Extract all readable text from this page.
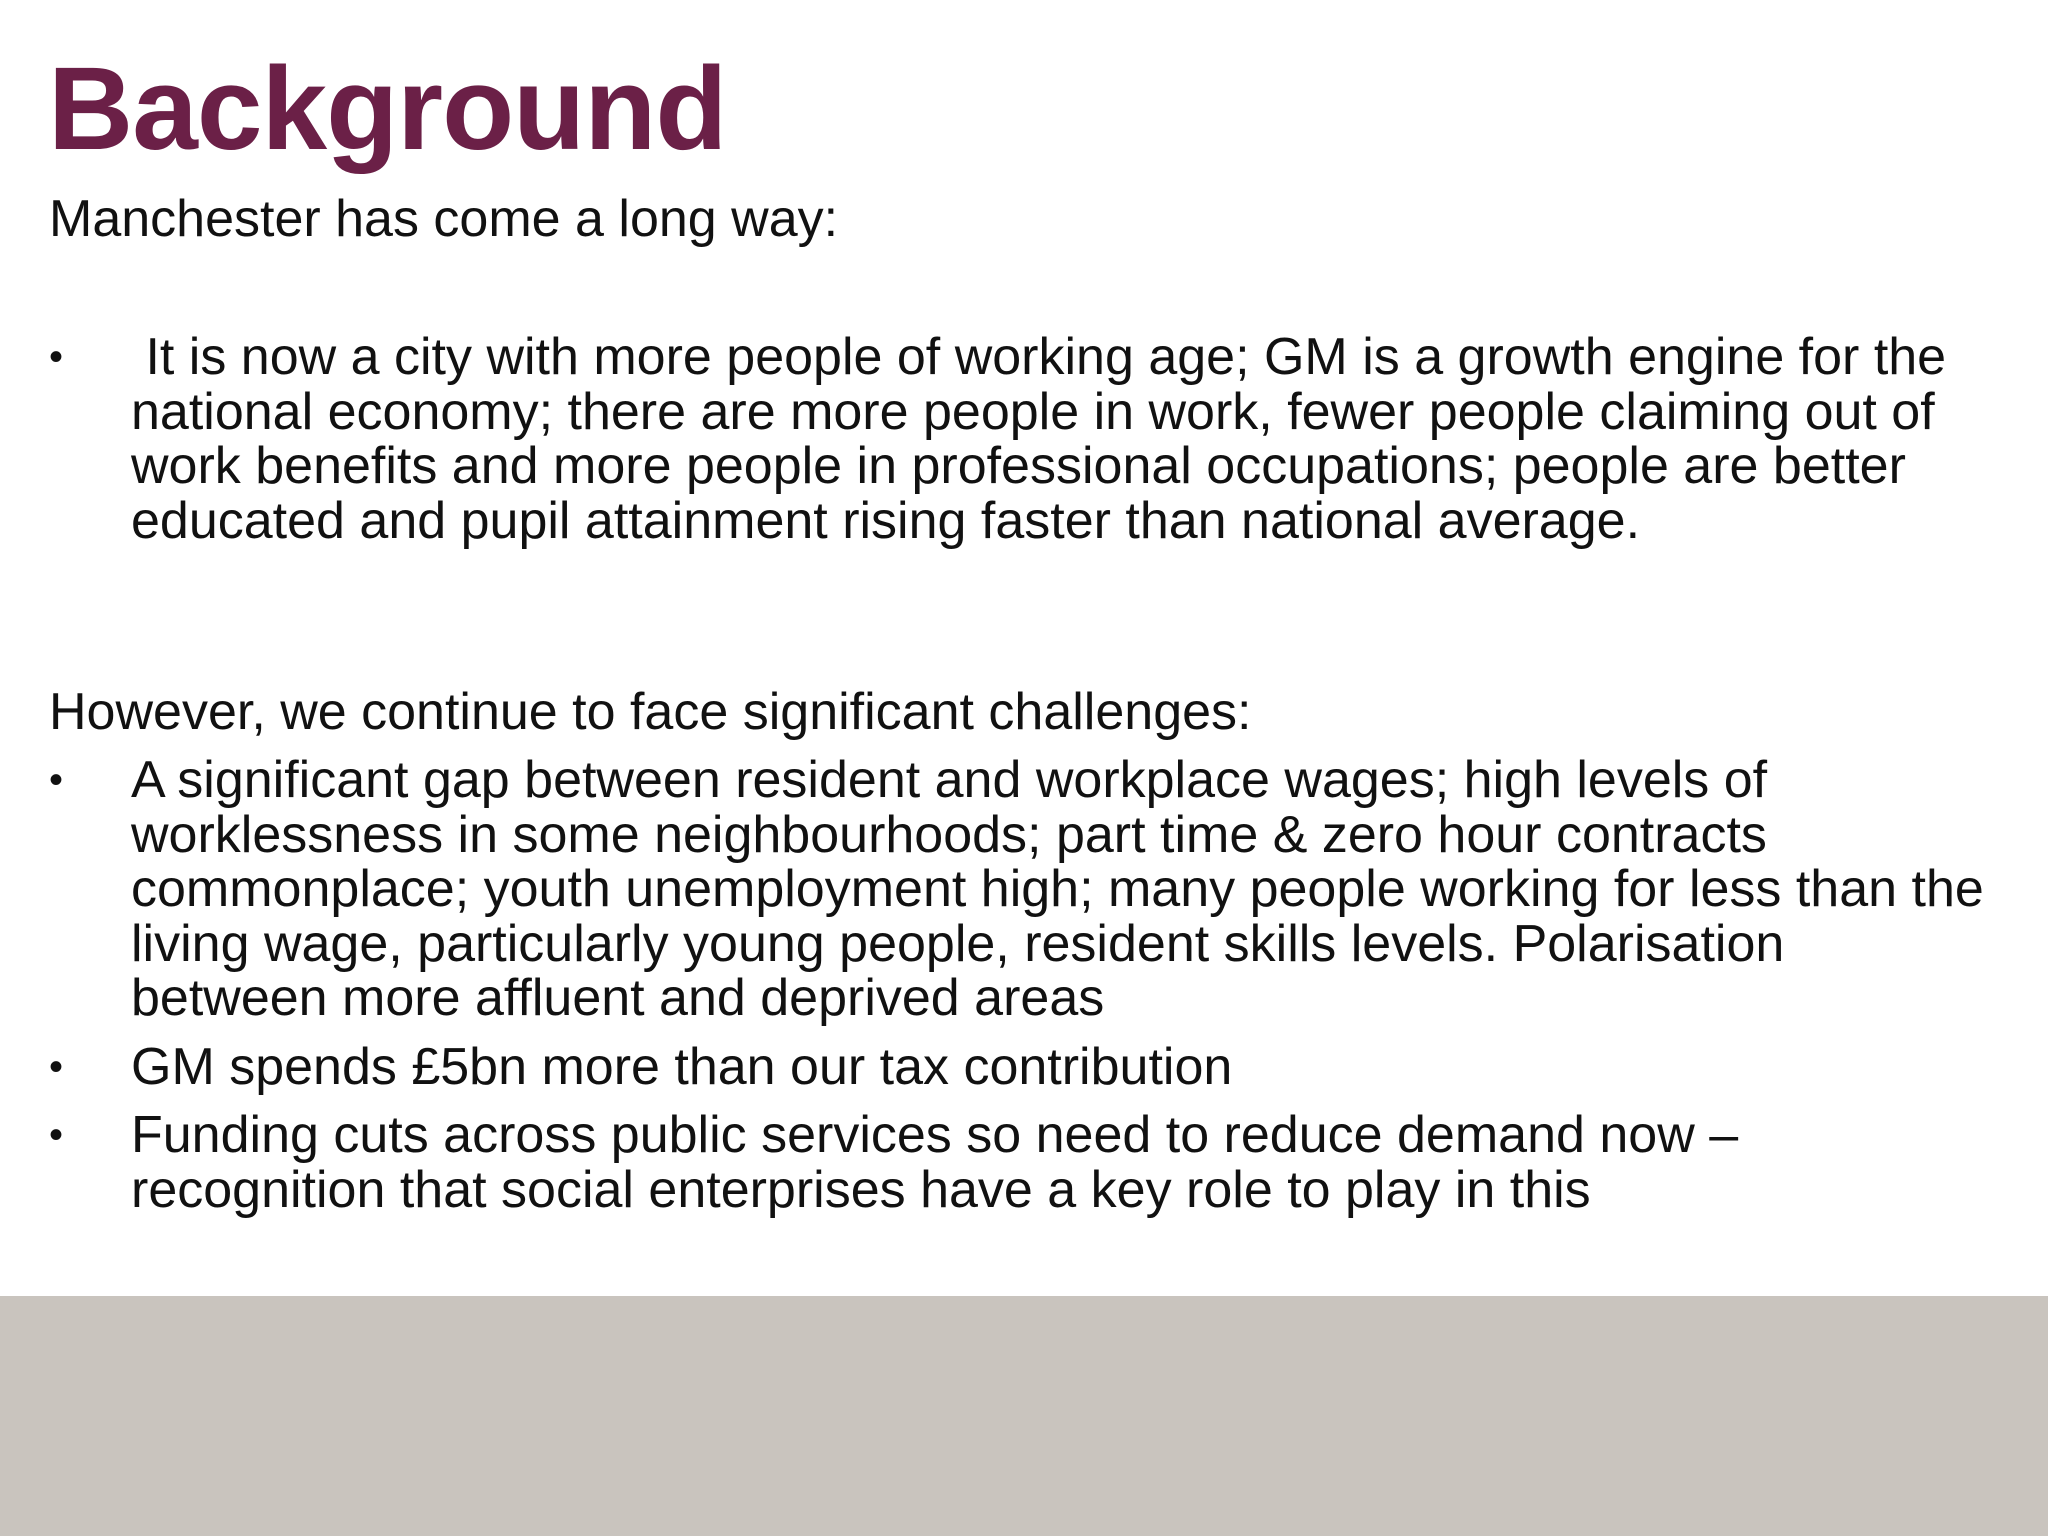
Background

Manchester has come a long way:

• It is now a city with more people of working age; GM is a growth engine for the national economy; there are more people in work, fewer people claiming out of work benefits and more people in professional occupations; people are better educated and pupil attainment rising faster than national average.

However, we continue to face significant challenges:

• A significant gap between resident and workplace wages; high levels of worklessness in some neighbourhoods; part time & zero hour contracts commonplace; youth unemployment high; many people working for less than the living wage, particularly young people, resident skills levels. Polarisation between more affluent and deprived areas
• GM spends £5bn more than our tax contribution
• Funding cuts across public services so need to reduce demand now – recognition that social enterprises have a key role to play in this
